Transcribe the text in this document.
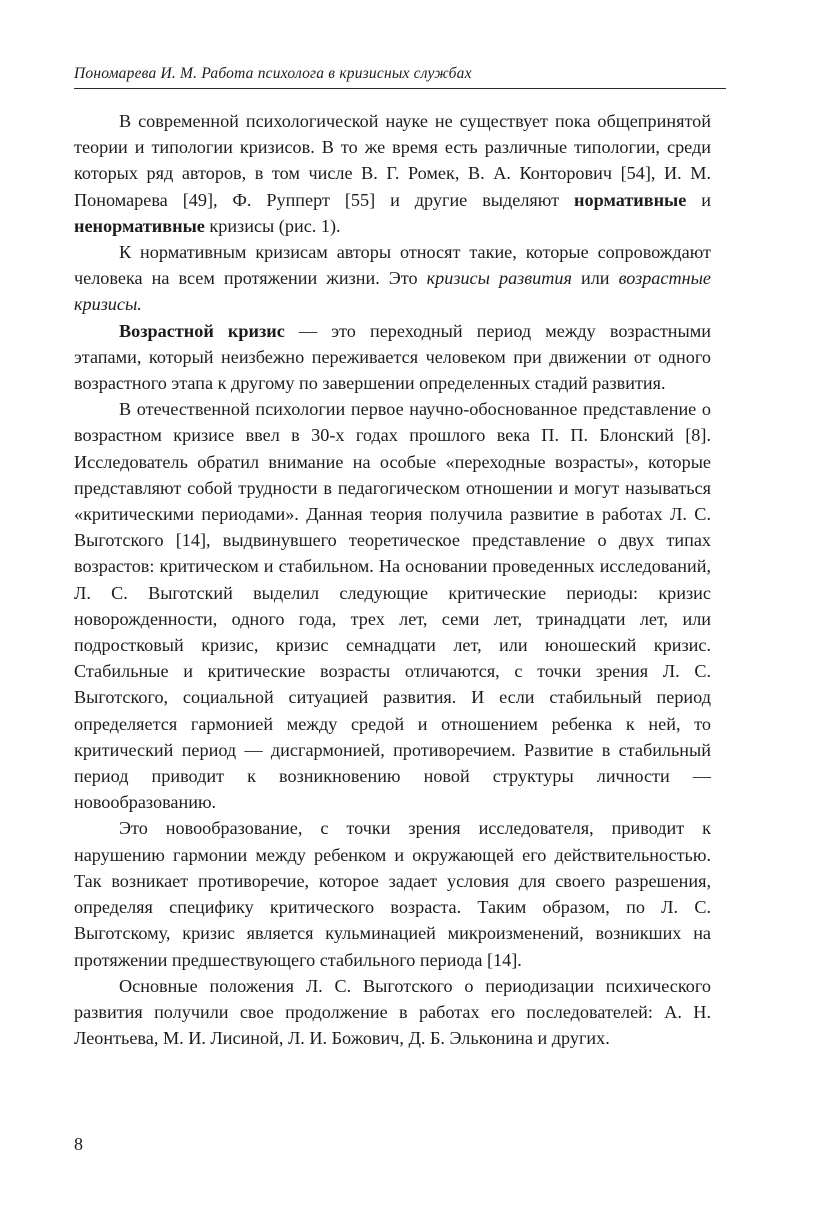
Пономарева И. М. Работа психолога в кризисных службах

В современной психологической науке не существует пока общепринятой теории и типологии кризисов. В то же время есть различные типологии, среди которых ряд авторов, в том числе В. Г. Ромек, В. А. Конторович [54], И. М. Пономарева [49], Ф. Рупперт [55] и другие выделяют нормативные и ненормативные кризисы (рис. 1).

К нормативным кризисам авторы относят такие, которые сопровождают человека на всем протяжении жизни. Это кризисы развития или возрастные кризисы.

Возрастной кризис — это переходный период между возрастными этапами, который неизбежно переживается человеком при движении от одного возрастного этапа к другому по завершении определенных стадий развития.

В отечественной психологии первое научно-обоснованное представление о возрастном кризисе ввел в 30-х годах прошлого века П. П. Блонский [8]. Исследователь обратил внимание на особые «переходные возрасты», которые представляют собой трудности в педагогическом отношении и могут называться «критическими периодами». Данная теория получила развитие в работах Л. С. Выготского [14], выдвинувшего теоретическое представление о двух типах возрастов: критическом и стабильном. На основании проведенных исследований, Л. С. Выготский выделил следующие критические периоды: кризис новорожденности, одного года, трех лет, семи лет, тринадцати лет, или подростковый кризис, кризис семнадцати лет, или юношеский кризис. Стабильные и критические возрасты отличаются, с точки зрения Л. С. Выготского, социальной ситуацией развития. И если стабильный период определяется гармонией между средой и отношением ребенка к ней, то критический период — дисгармонией, противоречием. Развитие в стабильный период приводит к возникновению новой структуры личности — новообразованию.

Это новообразование, с точки зрения исследователя, приводит к нарушению гармонии между ребенком и окружающей его действительностью. Так возникает противоречие, которое задает условия для своего разрешения, определяя специфику критического возраста. Таким образом, по Л. С. Выготскому, кризис является кульминацией микроизменений, возникших на протяжении предшествующего стабильного периода [14].

Основные положения Л. С. Выготского о периодизации психического развития получили свое продолжение в работах его последователей: А. Н. Леонтьева, М. И. Лисиной, Л. И. Божович, Д. Б. Эльконина и других.

8
